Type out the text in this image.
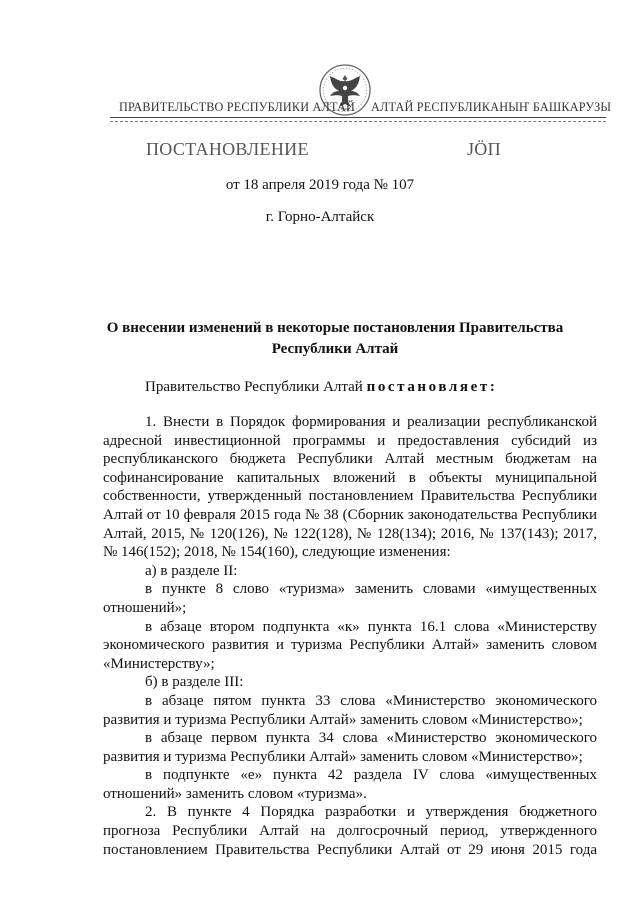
ПРАВИТЕЛЬСТВО РЕСПУБЛИКИ АЛТАЙ АЛТАЙ РЕСПУБЛИКАНЫҤ БАШКАРУЗЫ
ПОСТАНОВЛЕНИЕ	ЈӦП
от 18 апреля 2019 года № 107
г. Горно-Алтайск
О внесении изменений в некоторые постановления Правительства Республики Алтай
Правительство Республики Алтай постановляет:

1. Внести в Порядок формирования и реализации республиканской адресной инвестиционной программы и предоставления субсидий из республиканского бюджета Республики Алтай местным бюджетам на софинансирование капитальных вложений в объекты муниципальной собственности, утвержденный постановлением Правительства Республики Алтай от 10 февраля 2015 года № 38 (Сборник законодательства Республики Алтай, 2015, № 120(126), № 122(128), № 128(134); 2016, № 137(143); 2017, № 146(152); 2018, № 154(160), следующие изменения:

а) в разделе II:

в пункте 8 слово «туризма» заменить словами «имущественных отношений»;

в абзаце втором подпункта «к» пункта 16.1 слова «Министерству экономического развития и туризма Республики Алтай» заменить словом «Министерству»;

б) в разделе III:

в абзаце пятом пункта 33 слова «Министерство экономического развития и туризма Республики Алтай» заменить словом «Министерство»;

в абзаце первом пункта 34 слова «Министерство экономического развития и туризма Республики Алтай» заменить словом «Министерство»;

в подпункте «е» пункта 42 раздела IV слова «имущественных отношений» заменить словом «туризма».

2. В пункте 4 Порядка разработки и утверждения бюджетного прогноза Республики Алтай на долгосрочный период, утвержденного постановлением Правительства Республики Алтай от 29 июня 2015 года
